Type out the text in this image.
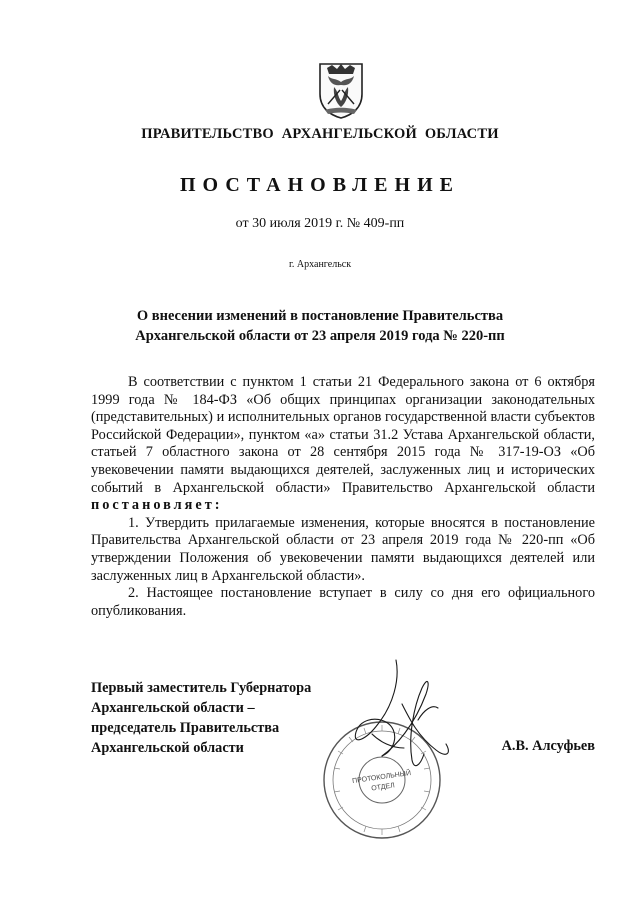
ПРАВИТЕЛЬСТВО АРХАНГЕЛЬСКОЙ ОБЛАСТИ
ПОСТАНОВЛЕНИЕ
от 30 июля 2019 г. № 409-пп
г. Архангельск
О внесении изменений в постановление Правительства
Архангельской области от 23 апреля 2019 года № 220-пп

В соответствии с пунктом 1 статьи 21 Федерального закона от 6 октября 1999 года № 184-ФЗ «Об общих принципах организации законодательных (представительных) и исполнительных органов государственной власти субъектов Российской Федерации», пунктом «а» статьи 31.2 Устава Архангельской области, статьей 7 областного закона от 28 сентября 2015 года № 317-19-ОЗ «Об увековечении памяти выдающихся деятелей, заслуженных лиц и исторических событий в Архангельской области» Правительство Архангельской области постановляет:

1. Утвердить прилагаемые изменения, которые вносятся в постановление Правительства Архангельской области от 23 апреля 2019 года № 220-пп «Об утверждении Положения об увековечении памяти выдающихся деятелей или заслуженных лиц в Архангельской области».

2. Настоящее постановление вступает в силу со дня его официального опубликования.

Первый заместитель Губернатора
Архангельской области –
председатель Правительства
Архангельской области	А.В. Алсуфьев
ПРОТОКОЛЬНЫЙ
ОТДЕЛ
